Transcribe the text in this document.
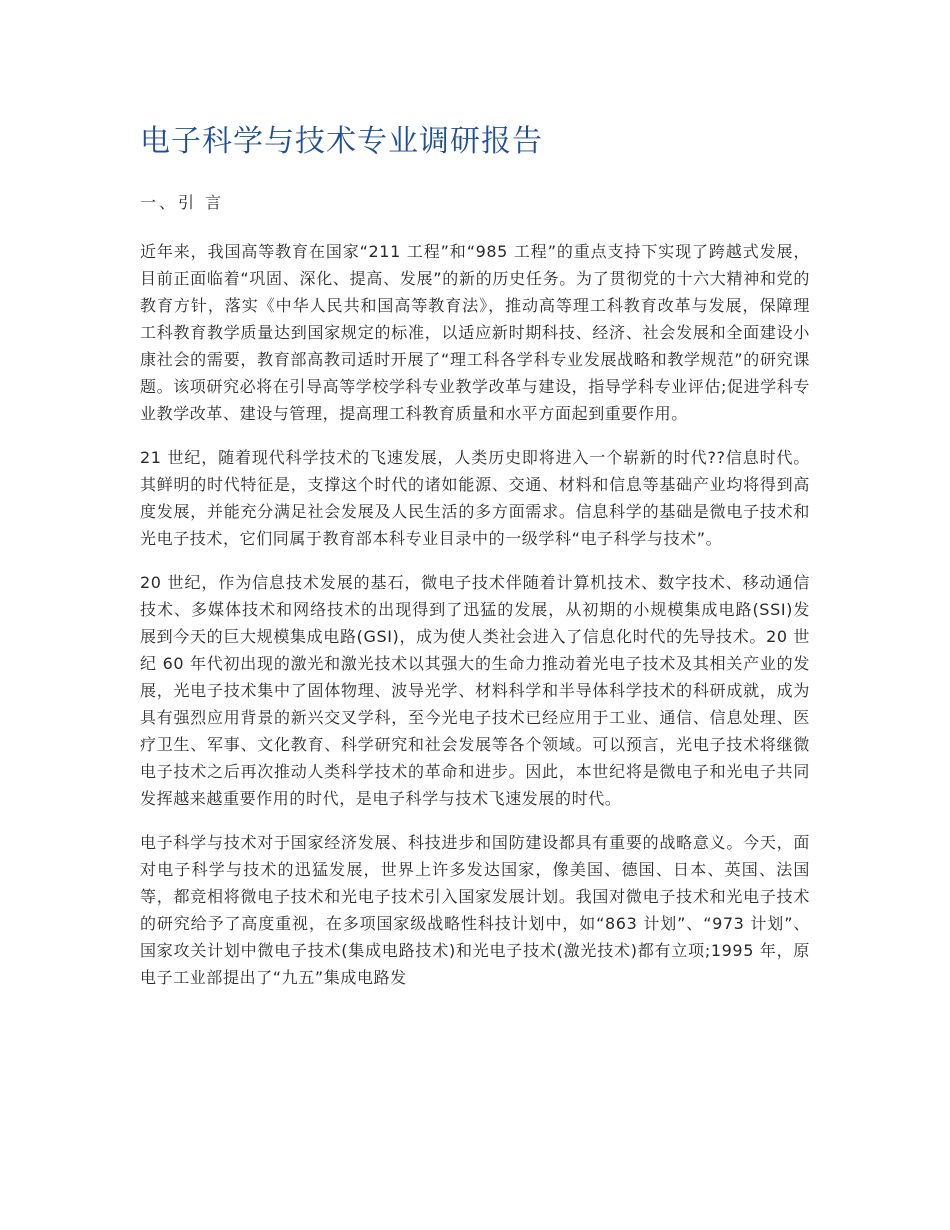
电子科学与技术专业调研报告
一、引 言

近年来，我国高等教育在国家“211 工程”和“985 工程”的重点支持下实现了跨越式发展，目前正面临着“巩固、深化、提高、发展”的新的历史任务。为了贯彻党的十六大精神和党的教育方针，落实《中华人民共和国高等教育法》，推动高等理工科教育改革与发展，保障理工科教育教学质量达到国家规定的标准，以适应新时期科技、经济、社会发展和全面建设小康社会的需要，教育部高教司适时开展了“理工科各学科专业发展战略和教学规范”的研究课题。该项研究必将在引导高等学校学科专业教学改革与建设，指导学科专业评估;促进学科专业教学改革、建设与管理，提高理工科教育质量和水平方面起到重要作用。

21 世纪，随着现代科学技术的飞速发展，人类历史即将进入一个崭新的时代??信息时代。其鲜明的时代特征是，支撑这个时代的诸如能源、交通、材料和信息等基础产业均将得到高度发展，并能充分满足社会发展及人民生活的多方面需求。信息科学的基础是微电子技术和光电子技术，它们同属于教育部本科专业目录中的一级学科“电子科学与技术”。

20 世纪，作为信息技术发展的基石，微电子技术伴随着计算机技术、数字技术、移动通信技术、多媒体技术和网络技术的出现得到了迅猛的发展，从初期的小规模集成电路(SSI)发展到今天的巨大规模集成电路(GSI)，成为使人类社会进入了信息化时代的先导技术。20 世纪 60 年代初出现的激光和激光技术以其强大的生命力推动着光电子技术及其相关产业的发展，光电子技术集中了固体物理、波导光学、材料科学和半导体科学技术的科研成就，成为具有强烈应用背景的新兴交叉学科，至今光电子技术已经应用于工业、通信、信息处理、医疗卫生、军事、文化教育、科学研究和社会发展等各个领域。可以预言，光电子技术将继微电子技术之后再次推动人类科学技术的革命和进步。因此，本世纪将是微电子和光电子共同发挥越来越重要作用的时代，是电子科学与技术飞速发展的时代。

电子科学与技术对于国家经济发展、科技进步和国防建设都具有重要的战略意义。今天，面对电子科学与技术的迅猛发展，世界上许多发达国家，像美国、德国、日本、英国、法国等，都竞相将微电子技术和光电子技术引入国家发展计划。我国对微电子技术和光电子技术的研究给予了高度重视，在多项国家级战略性科技计划中，如“863 计划”、“973 计划”、国家攻关计划中微电子技术(集成电路技术)和光电子技术(激光技术)都有立项;1995 年，原电子工业部提出了“九五”集成电路发
